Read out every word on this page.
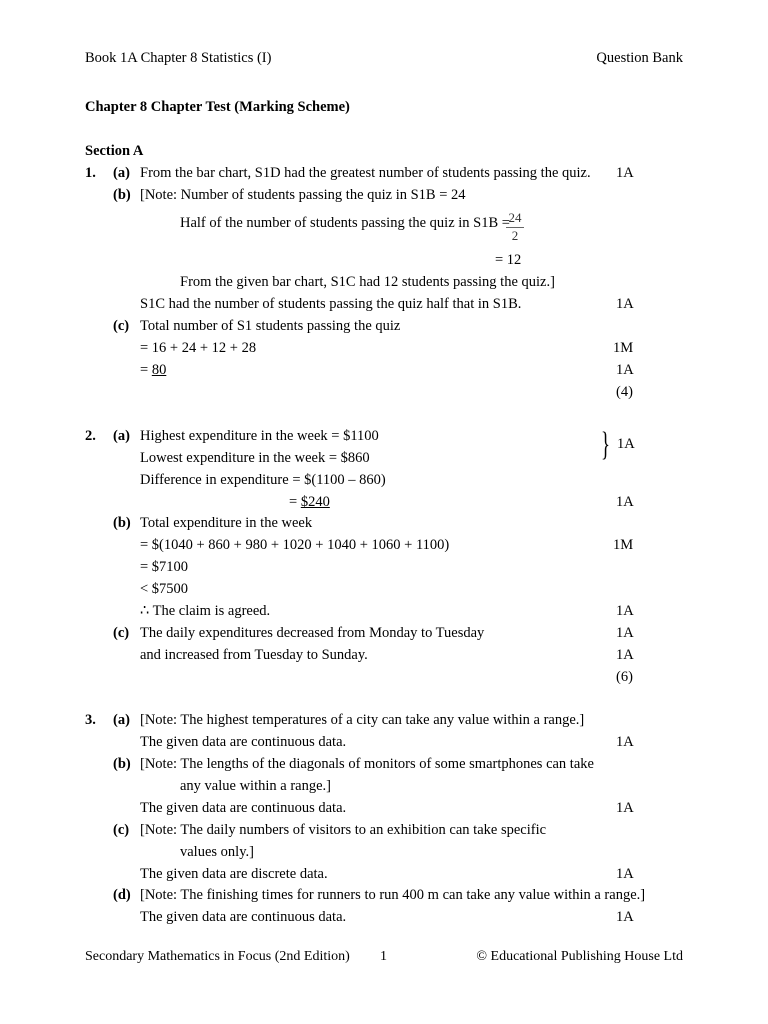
Book 1A Chapter 8 Statistics (I)	Question Bank
Chapter 8 Chapter Test (Marking Scheme)
Section A
1. (a) From the bar chart, S1D had the greatest number of students passing the quiz. 1A
(b) [Note: Number of students passing the quiz in S1B = 24
Half of the number of students passing the quiz in S1B =
$\frac{24}{2}$
= 12
From the given bar chart, S1C had 12 students passing the quiz.]
S1C had the number of students passing the quiz half that in S1B.	1A
(c) Total number of S1 students passing the quiz
= 16 + 24 + 12 + 28	1M
= 80	1A
(4)
2. (a) Highest expenditure in the week = $1100
Lowest expenditure in the week = $860	} 1A
Difference in expenditure = $(1100 – 860)
= $240	1A
(b) Total expenditure in the week
= $(1040 + 860 + 980 + 1020 + 1040 + 1060 + 1100)	1M
= $7100
< $7500
∴ The claim is agreed.	1A
(c) The daily expenditures decreased from Monday to Tuesday	1A
and increased from Tuesday to Sunday.	1A
(6)
3. (a) [Note: The highest temperatures of a city can take any value within a range.]
The given data are continuous data.	1A
(b) [Note: The lengths of the diagonals of monitors of some smartphones can take
any value within a range.]
The given data are continuous data.	1A
(c) [Note: The daily numbers of visitors to an exhibition can take specific
values only.]
The given data are discrete data.	1A
(d) [Note: The finishing times for runners to run 400 m can take any value within a range.]
The given data are continuous data.	1A
Secondary Mathematics in Focus (2nd Edition) 1	© Educational Publishing House Ltd
